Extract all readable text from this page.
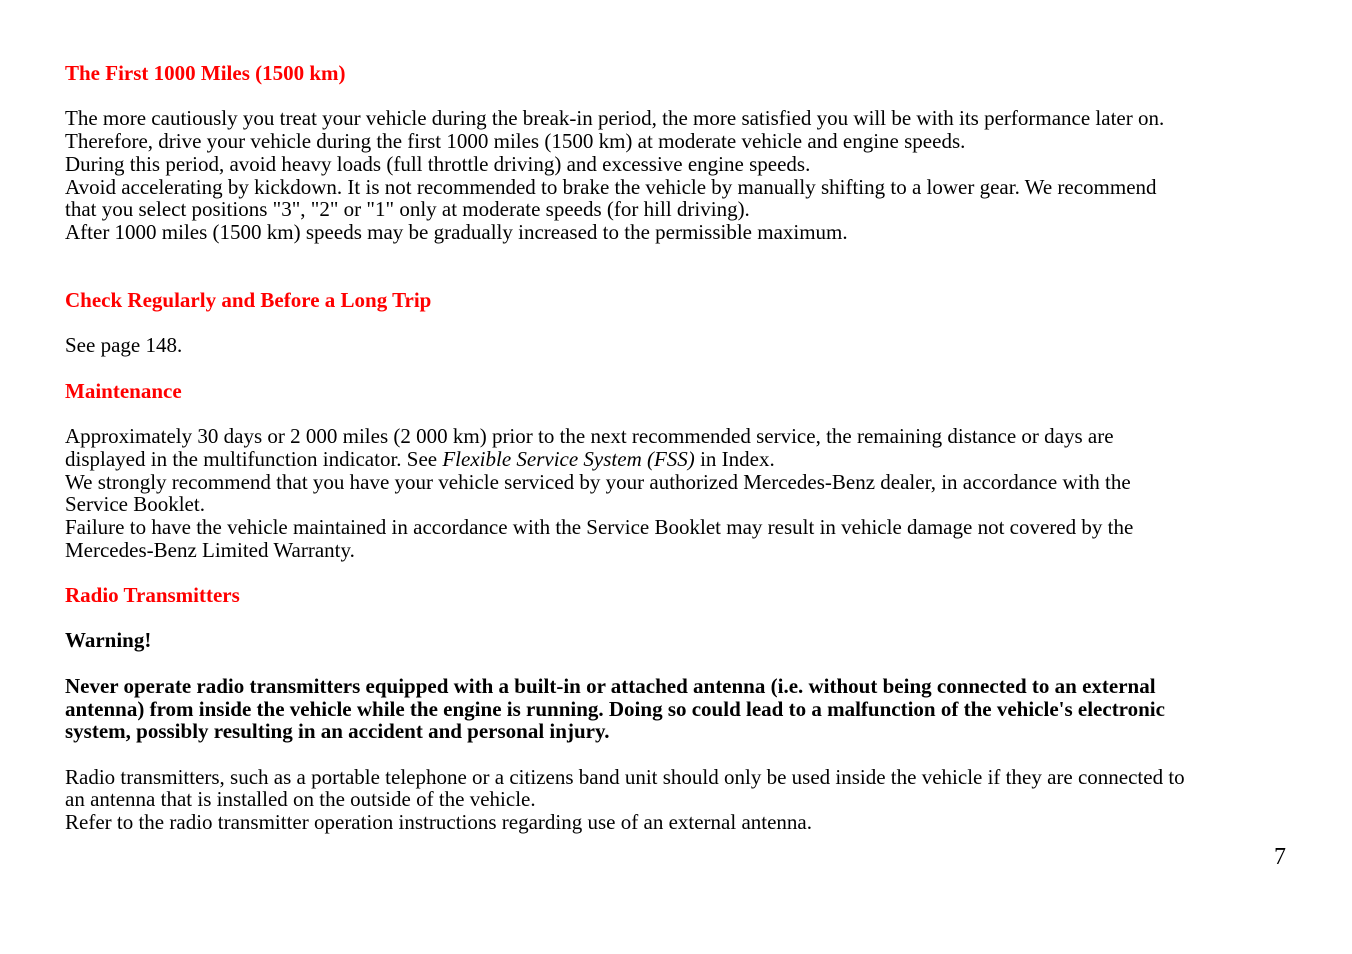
The First 1000 Miles (1500 km)
The more cautiously you treat your vehicle during the break-in period, the more satisfied you will be with its performance later on.
Therefore, drive your vehicle during the first 1000 miles (1500 km) at moderate vehicle and engine speeds.
During this period, avoid heavy loads (full throttle driving) and excessive engine speeds.
Avoid accelerating by kickdown. It is not recommended to brake the vehicle by manually shifting to a lower gear. We recommend
that you select positions "3", "2" or "1" only at moderate speeds (for hill driving).
After 1000 miles (1500 km) speeds may be gradually increased to the permissible maximum.
Check Regularly and Before a Long Trip
See page 148.
Maintenance
Approximately 30 days or 2 000 miles (2 000 km) prior to the next recommended service, the remaining distance or days are
displayed in the multifunction indicator. See Flexible Service System (FSS) in Index.
We strongly recommend that you have your vehicle serviced by your authorized Mercedes-Benz dealer, in accordance with the
Service Booklet.
Failure to have the vehicle maintained in accordance with the Service Booklet may result in vehicle damage not covered by the
Mercedes-Benz Limited Warranty.
Radio Transmitters
Warning!
Never operate radio transmitters equipped with a built-in or attached antenna (i.e. without being connected to an external
antenna) from inside the vehicle while the engine is running. Doing so could lead to a malfunction of the vehicle's electronic
system, possibly resulting in an accident and personal injury.
Radio transmitters, such as a portable telephone or a citizens band unit should only be used inside the vehicle if they are connected to
an antenna that is installed on the outside of the vehicle.
Refer to the radio transmitter operation instructions regarding use of an external antenna.
7
